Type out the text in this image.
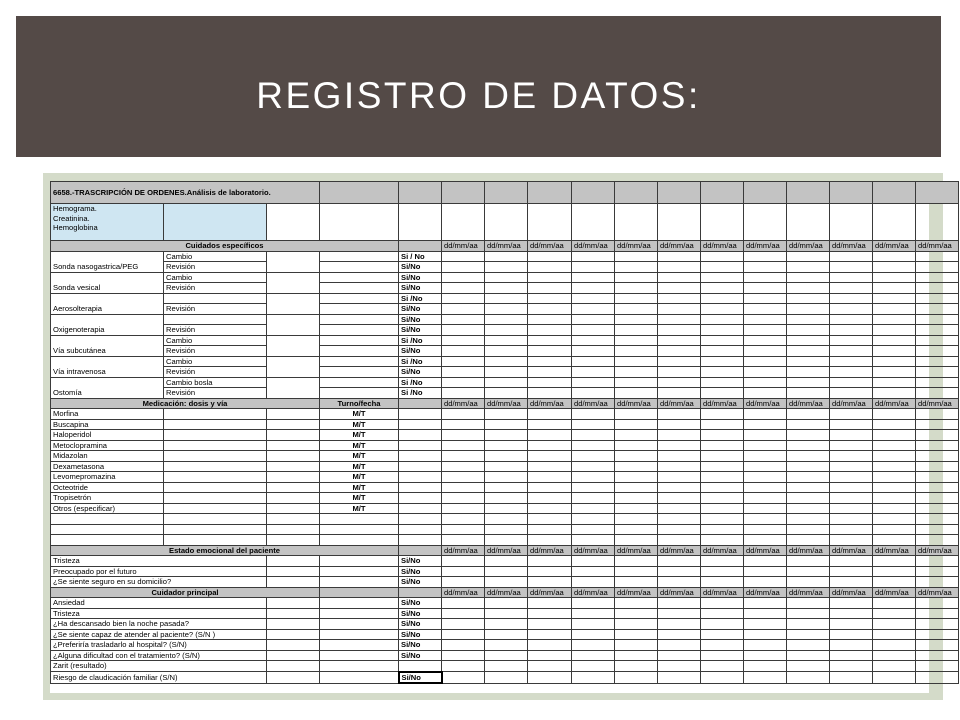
REGISTRO DE DATOS:
6658.-TRASCRIPCIÓN DE ORDENES.Análisis de laboratorio.																

Hemograma.
Creatinina.
Hemoglobina																

Cuidados específicos					dd/mm/aa	dd/mm/aa	dd/mm/aa	dd/mm/aa	dd/mm/aa	dd/mm/aa	dd/mm/aa	dd/mm/aa	dd/mm/aa	dd/mm/aa	dd/mm/aa	dd/mm/aa
Sonda nasogastrica/PEG	Cambio			Si / No												
	Revisión			Si/No												
Sonda vesical	Cambio			Si/No												
	Revisión			Si/No												
Aerosolterapia				Si /No												
	Revisión			Si/No												
Oxigenoterapia				Si/No												
	Revisión			Si/No												
Vía subcutánea	Cambio			Si /No												
	Revisión			Si/No												
Vía intravenosa	Cambio			Si /No												
	Revisión			Si/No												
Ostomía	Cambio bosla			Si /No												
	Revisión			Si /No												
Medicación: dosis y vía			Turno/fecha		dd/mm/aa	dd/mm/aa	dd/mm/aa	dd/mm/aa	dd/mm/aa	dd/mm/aa	dd/mm/aa	dd/mm/aa	dd/mm/aa	dd/mm/aa	dd/mm/aa	dd/mm/aa
Morfina			M/T													
Buscapina			M/T													
Haloperidol			M/T													
Metoclopramina			M/T													
Midazolan			M/T													
Dexametasona			M/T													
Levomepromazina			M/T													
Octeotride			M/T													
Tropisetrón			M/T													
Otros (especificar)			M/T													

Estado emocional del paciente					dd/mm/aa	dd/mm/aa	dd/mm/aa	dd/mm/aa	dd/mm/aa	dd/mm/aa	dd/mm/aa	dd/mm/aa	dd/mm/aa	dd/mm/aa	dd/mm/aa	dd/mm/aa
Tristeza				Si/No												
Preocupado por el futuro				Si/No												
¿Se siente seguro en su domicilio?				Si/No												
Cuidador principal					dd/mm/aa	dd/mm/aa	dd/mm/aa	dd/mm/aa	dd/mm/aa	dd/mm/aa	dd/mm/aa	dd/mm/aa	dd/mm/aa	dd/mm/aa	dd/mm/aa	dd/mm/aa
Ansiedad				Si/No												
Tristeza				Si/No												
¿Ha descansado bien la noche pasada?				Si/No												
¿Se siente capaz de atender al paciente? (S/N )				Si/No												
¿Preferiría trasladarlo al hospital? (S/N)				Si/No												
¿Alguna dificultad con el tratamiento? (S/N)				Si/No												
Zarit (resultado)																
Riesgo de claudicación familiar (S/N)				Si/No												
